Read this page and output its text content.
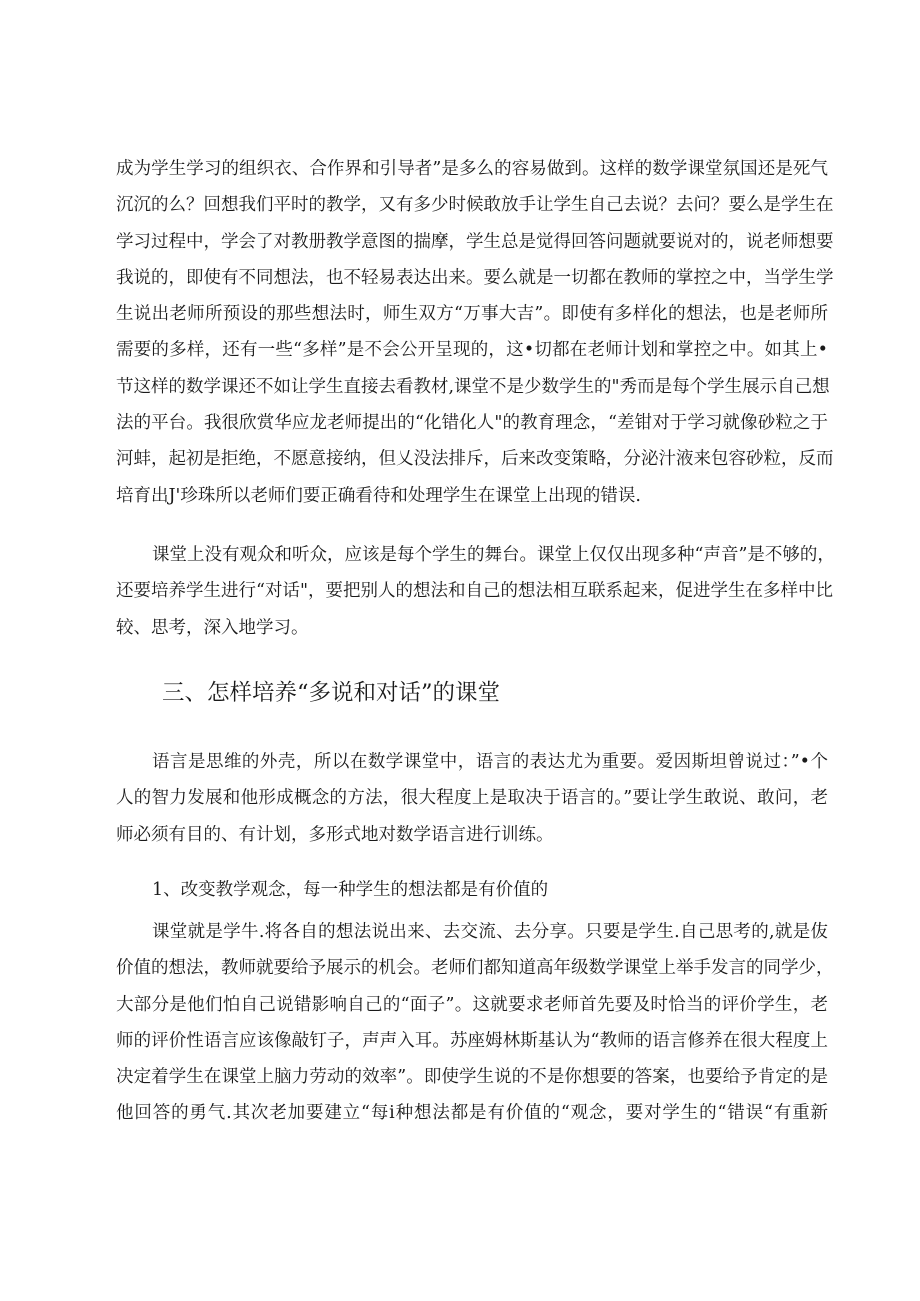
成为学生学习的组织衣、合作界和引导者”是多么的容易做到。这样的数学课堂氛国还是死气
沉沉的么？回想我们平时的教学，又有多少时候敢放手让学生自己去说？去问？要么是学生在
学习过程中，学会了对教册教学意图的揣摩，学生总是觉得回答问题就要说对的，说老师想要
我说的，即使有不同想法，也不轻易表达出来。要么就是一切都在教师的掌控之中，当学生学
生说出老师所预设的那些想法时，师生双方“万事大吉”。即使有多样化的想法，也是老师所
需要的多样，还有一些“多样”是不会公开呈现的，这•切都在老师计划和掌控之中。如其上•
节这样的数学课还不如让学生直接去看教材,课堂不是少数学生的"秀而是每个学生展示自己想
法的平台。我很欣赏华应龙老师提出的“化错化人"的教育理念，“差钳对于学习就像砂粒之于
河蚌，起初是拒绝，不愿意接纳，但乂没法排斥，后来改变策略，分泌汁液来包容砂粒，反而
培育出J'珍珠所以老师们要正确看待和处理学生在课堂上出现的错误.
课堂上没有观众和听众，应该是每个学生的舞台。课堂上仅仅出现多种“声音”是不够的，
还要培养学生进行“对话"，要把别人的想法和自己的想法相互联系起来，促进学生在多样中比
较、思考，深入地学习。
三、怎样培养“多说和对话”的课堂
语言是思维的外壳，所以在数学课堂中，语言的表达尤为重要。爱因斯坦曾说过：”•个
人的智力发展和他形成概念的方法，很大程度上是取决于语言的。”要让学生敢说、敢问，老
师必须有目的、有计划，多形式地对数学语言进行训练。
1、改变教学观念，每一种学生的想法都是有价值的
课堂就是学牛.将各自的想法说出来、去交流、去分享。只要是学生.自己思考的,就是伖
价值的想法，教师就要给予展示的机会。老师们都知道高年级数学课堂上举手发言的同学少，
大部分是他们怕自己说错影响自己的“面子”。这就要求老师首先要及时恰当的评价学生，老
师的评价性语言应该像敲钉子，声声入耳。苏座姆林斯基认为“教师的语言修养在很大程度上
决定着学生在课堂上脑力劳动的效率”。即使学生说的不是你想要的答案，也要给予肯定的是
他回答的勇气.其次老加要建立“每i种想法都是有价值的“观念，要对学生的“错误“有重新
